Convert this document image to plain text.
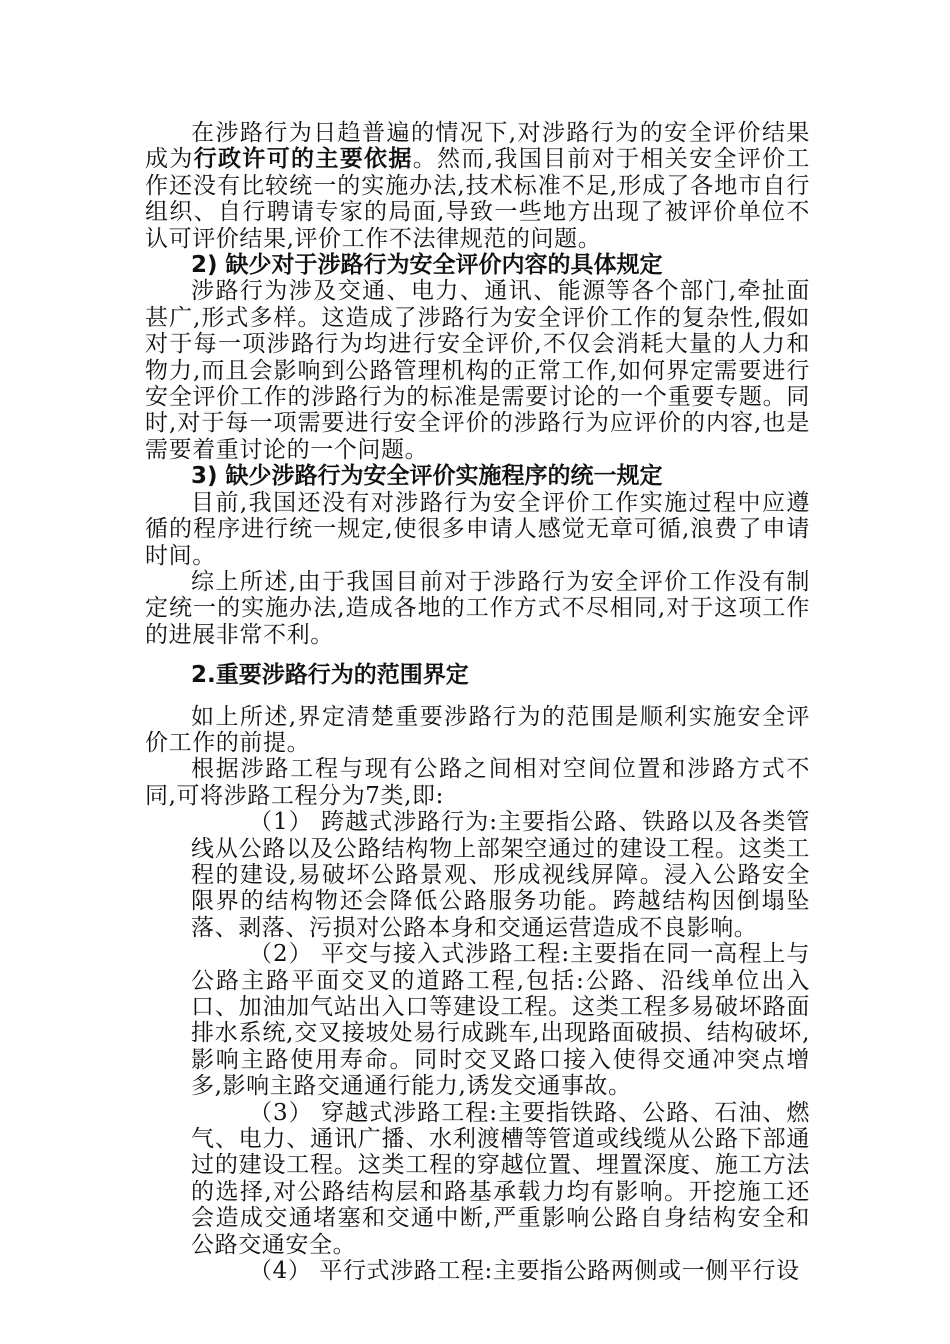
在涉路行为日趋普遍的情况下,对涉路行为的安全评价结果成为行政许可的主要依据。然而,我国目前对于相关安全评价工作还没有比较统一的实施办法,技术标准不足,形成了各地市自行组织、自行聘请专家的局面,导致一些地方出现了被评价单位不认可评价结果,评价工作不法律规范的问题。

2) 缺少对于涉路行为安全评价内容的具体规定

涉路行为涉及交通、电力、通讯、能源等各个部门,牵扯面甚广,形式多样。这造成了涉路行为安全评价工作的复杂性,假如对于每一项涉路行为均进行安全评价,不仅会消耗大量的人力和物力,而且会影响到公路管理机构的正常工作,如何界定需要进行安全评价工作的涉路行为的标准是需要讨论的一个重要专题。同时,对于每一项需要进行安全评价的涉路行为应评价的内容,也是需要着重讨论的一个问题。

3) 缺少涉路行为安全评价实施程序的统一规定

目前,我国还没有对涉路行为安全评价工作实施过程中应遵循的程序进行统一规定,使很多申请人感觉无章可循,浪费了申请时间。

综上所述,由于我国目前对于涉路行为安全评价工作没有制定统一的实施办法,造成各地的工作方式不尽相同,对于这项工作的进展非常不利。

2.重要涉路行为的范围界定

如上所述,界定清楚重要涉路行为的范围是顺利实施安全评价工作的前提。

根据涉路工程与现有公路之间相对空间位置和涉路方式不同,可将涉路工程分为7类,即:

（1） 跨越式涉路行为:主要指公路、铁路以及各类管线从公路以及公路结构物上部架空通过的建设工程。这类工程的建设,易破坏公路景观、形成视线屏障。浸入公路安全限界的结构物还会降低公路服务功能。跨越结构因倒塌坠落、剥落、污损对公路本身和交通运营造成不良影响。

（2） 平交与接入式涉路工程:主要指在同一高程上与公路主路平面交叉的道路工程,包括:公路、沿线单位出入口、加油加气站出入口等建设工程。这类工程多易破坏路面排水系统,交叉接坡处易行成跳车,出现路面破损、结构破坏,影响主路使用寿命。同时交叉路口接入使得交通冲突点增多,影响主路交通通行能力,诱发交通事故。

（3） 穿越式涉路工程:主要指铁路、公路、石油、燃气、电力、通讯广播、水利渡槽等管道或线缆从公路下部通过的建设工程。这类工程的穿越位置、埋置深度、施工方法的选择,对公路结构层和路基承载力均有影响。开挖施工还会造成交通堵塞和交通中断,严重影响公路自身结构安全和公路交通安全。

（4） 平行式涉路工程:主要指公路两侧或一侧平行设
